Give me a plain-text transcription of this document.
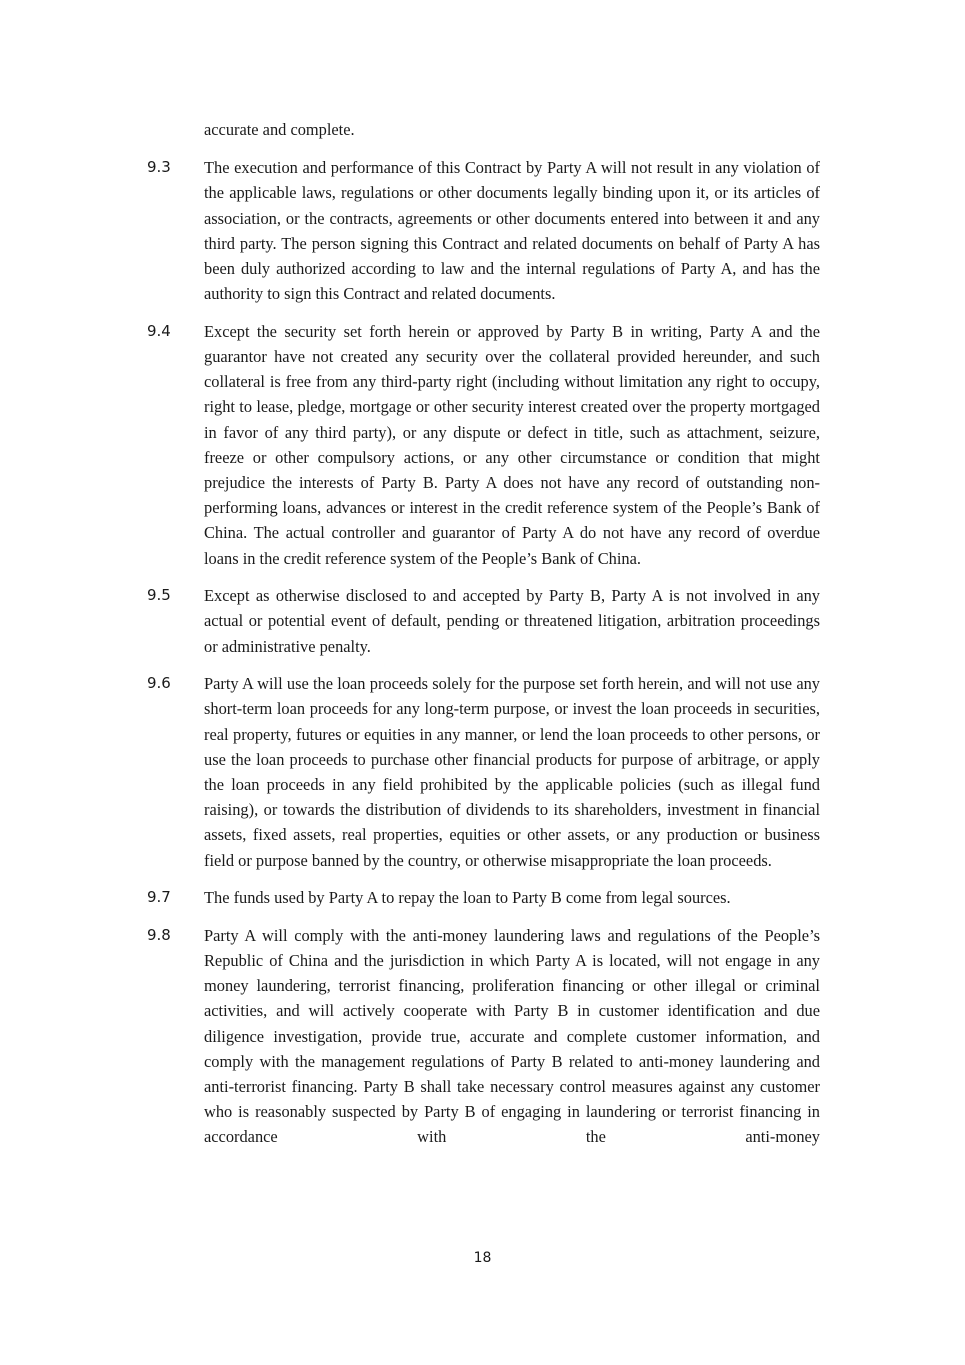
accurate and complete.
9.3	The execution and performance of this Contract by Party A will not result in any violation of the applicable laws, regulations or other documents legally binding upon it, or its articles of association, or the contracts, agreements or other documents entered into between it and any third party. The person signing this Contract and related documents on behalf of Party A has been duly authorized according to law and the internal regulations of Party A, and has the authority to sign this Contract and related documents.
9.4	Except the security set forth herein or approved by Party B in writing, Party A and the guarantor have not created any security over the collateral provided hereunder, and such collateral is free from any third-party right (including without limitation any right to occupy, right to lease, pledge, mortgage or other security interest created over the property mortgaged in favor of any third party), or any dispute or defect in title, such as attachment, seizure, freeze or other compulsory actions, or any other circumstance or condition that might prejudice the interests of Party B. Party A does not have any record of outstanding non-performing loans, advances or interest in the credit reference system of the People’s Bank of China. The actual controller and guarantor of Party A do not have any record of overdue loans in the credit reference system of the People’s Bank of China.
9.5	Except as otherwise disclosed to and accepted by Party B, Party A is not involved in any actual or potential event of default, pending or threatened litigation, arbitration proceedings or administrative penalty.
9.6	Party A will use the loan proceeds solely for the purpose set forth herein, and will not use any short-term loan proceeds for any long-term purpose, or invest the loan proceeds in securities, real property, futures or equities in any manner, or lend the loan proceeds to other persons, or use the loan proceeds to purchase other financial products for purpose of arbitrage, or apply the loan proceeds in any field prohibited by the applicable policies (such as illegal fund raising), or towards the distribution of dividends to its shareholders, investment in financial assets, fixed assets, real properties, equities or other assets, or any production or business field or purpose banned by the country, or otherwise misappropriate the loan proceeds.
9.7	The funds used by Party A to repay the loan to Party B come from legal sources.
9.8	Party A will comply with the anti-money laundering laws and regulations of the People’s Republic of China and the jurisdiction in which Party A is located, will not engage in any money laundering, terrorist financing, proliferation financing or other illegal or criminal activities, and will actively cooperate with Party B in customer identification and due diligence investigation, provide true, accurate and complete customer information, and comply with the management regulations of Party B related to anti-money laundering and anti-terrorist financing. Party B shall take necessary control measures against any customer who is reasonably suspected by Party B of engaging in laundering or terrorist financing in accordance with the anti-money
18
